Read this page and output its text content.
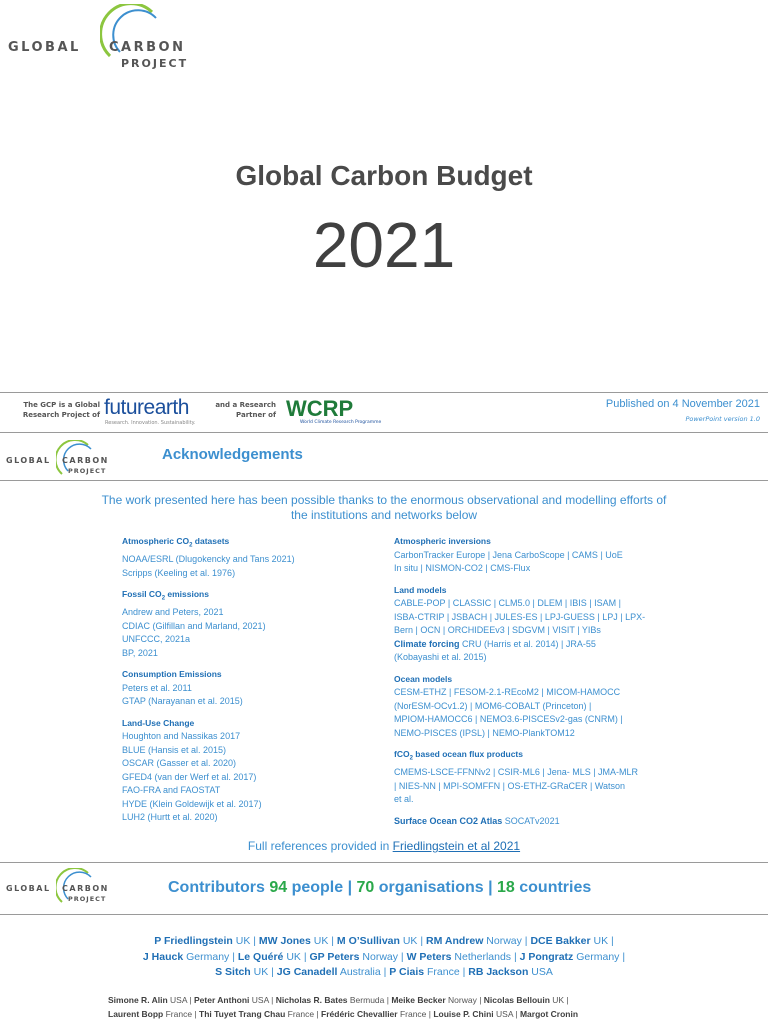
GLOBAL CARBON
PROJECT
Global Carbon Budget
2021
The GCP is a Global Research Project of futurearth
Research. Innovation. Sustainability.
and a Research Partner of WCRP
World Climate Research Programme
Published on 4 November 2021
PowerPoint version 1.0
GLOBAL CARBON
PROJECT
Acknowledgements
The work presented here has been possible thanks to the enormous observational and modelling efforts of the institutions and networks below
Atmospheric $CO_2$ datasets
NOAA/ESRL (Dlugokencky and Tans 2021)
Scripps (Keeling et al. 1976)
Fossil $CO_2$ emissions
Andrew and Peters, 2021
CDIAC (Gilfillan and Marland, 2021)
UNFCCC, 2021a
BP, 2021
Consumption Emissions
Peters et al. 2011
GTAP (Narayanan et al. 2015)
Land-Use Change
Houghton and Nassikas 2017
BLUE (Hansis et al. 2015)
OSCAR (Gasser et al. 2020)
GFED4 (van der Werf et al. 2017)
FAO-FRA and FAOSTAT
HYDE (Klein Goldewijk et al. 2017)
LUH2 (Hurtt et al. 2020)
Atmospheric inversions
CarbonTracker Europe | Jena CarboScope | CAMS | UoE
In situ | NISMON-CO2 | CMS-Flux
Land models
CABLE-POP | CLASSIC | CLM5.0 | DLEM | IBIS | ISAM |
ISBA-CTRIP | JSBACH | JULES-ES | LPJ-GUESS | LPJ | LPX-
Bern | OCN | ORCHIDEEv3 | SDGVM | VISIT | YIBs
Climate forcing CRU (Harris et al. 2014) | JRA-55
(Kobayashi et al. 2015)
Ocean models
CESM-ETHZ | FESOM-2.1-REcoM2 | MICOM-HAMOCC
(NorESM-OCv1.2) | MOM6-COBALT (Princeton) |
MPIOM-HAMOCC6 | NEMO3.6-PISCESv2-gas (CNRM) |
NEMO-PISCES (IPSL) | NEMO-PlankTOM12
fCO$_2$ based ocean flux products
CMEMS-LSCE-FFNNv2 | CSIR-ML6 | Jena- MLS | JMA-MLR
| NIES-NN | MPI-SOMFFN | OS-ETHZ-GRaCER | Watson
et al.
Surface Ocean CO2 Atlas SOCATv2021
Full references provided in Friedlingstein et al 2021
GLOBAL CARBON
PROJECT
Contributors 94 people | 70 organisations | 18 countries
P Friedlingstein UK | MW Jones UK | M O’Sullivan UK | RM Andrew Norway | DCE Bakker UK |
J Hauck Germany | Le Quéré UK | GP Peters Norway | W Peters Netherlands | J Pongratz Germany |
S Sitch UK | JG Canadell Australia | P Ciais France | RB Jackson USA
Simone R. Alin USA | Peter Anthoni USA | Nicholas R. Bates Bermuda | Meike Becker Norway | Nicolas Bellouin UK |
Laurent Bopp France | Thi Tuyet Trang Chau France | Frédéric Chevallier France | Louise P. Chini USA | Margot Cronin
